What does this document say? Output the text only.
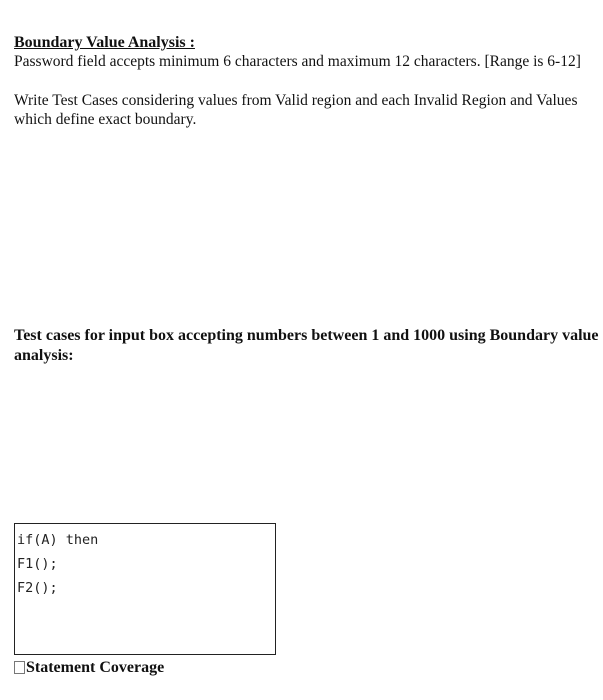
Boundary Value Analysis :
Password field accepts minimum 6 characters and maximum 12 characters. [Range is 6-12]
Write Test Cases considering values from Valid region and each Invalid Region and Values which define exact boundary.
Test cases for input box accepting numbers between 1 and 1000 using Boundary value analysis:
if(A) then
F1();
F2();
Statement Coverage
